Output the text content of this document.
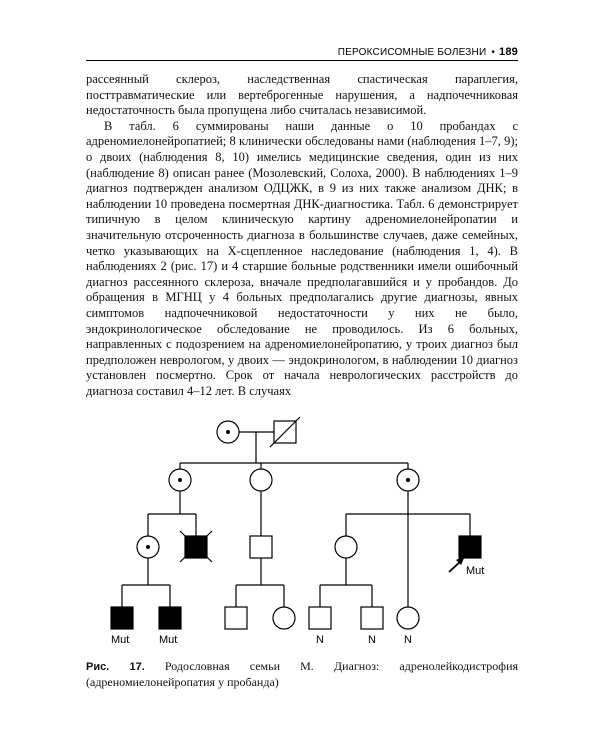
ПЕРОКСИСОМНЫЕ БОЛЕЗНИ • 189

рассеянный склероз, наследственная спастическая параплегия, посттравматические или вертеброгенные нарушения, а надпочечниковая недостаточность была пропущена либо считалась независимой.

В табл. 6 суммированы наши данные о 10 пробандах с адреномиелонейропатией; 8 клинически обследованы нами (наблюдения 1–7, 9); о двоих (наблюдения 8, 10) имелись медицинские сведения, один из них (наблюдение 8) описан ранее (Мозолевский, Солоха, 2000). В наблюдениях 1–9 диагноз подтвержден анализом ОДЦЖК, в 9 из них также анализом ДНК; в наблюдении 10 проведена посмертная ДНК-диагностика. Табл. 6 демонстрирует типичную в целом клиническую картину адреномиелонейропатии и значительную отсроченность диагноза в большинстве случаев, даже семейных, четко указывающих на Х-сцепленное наследование (наблюдения 1, 4). В наблюдениях 2 (рис. 17) и 4 старшие больные родственники имели ошибочный диагноз рассеянного склероза, вначале предполагавшийся и у пробандов. До обращения в МГНЦ у 4 больных предполагались другие диагнозы, явных симптомов надпочечниковой недостаточности у них не было, эндокринологическое обследование не проводилось. Из 6 больных, направленных с подозрением на адреномиелонейропатию, у троих диагноз был предположен неврологом, у двоих — эндокринологом, в наблюдении 10 диагноз установлен посмертно. Срок от начала неврологических расстройств до диагноза составил 4–12 лет. В случаях

Mut
Mut	Mut	N	N	N
Рис. 17. Родословная семьи М. Диагноз: адренолейкодистрофия (адреномиелонейропатия у пробанда)
